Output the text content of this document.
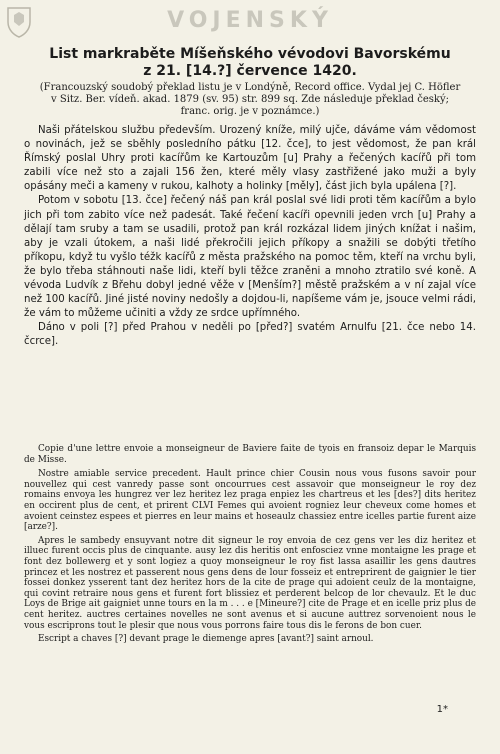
VOJENSKÝ
List markraběte Míšeňského vévodovi Bavorskému
z 21. [14.?] července 1420.
(Francouzský soudobý překlad listu je v Londýně, Record office. Vydal jej C. Höfler
v Sitz. Ber. vídeň. akad. 1879 (sv. 95) str. 899 sq. Zde následuje překlad český;
franc. orig. je v poznámce.)

Naši přátelskou službu především. Urozený kníže, milý ujče, dáváme vám vědomost o novinách, jež se sběhly posledního pátku [12. čce], to jest vědomost, že pan král Římský poslal Uhry proti kacířům ke Kartouzům [u] Prahy a řečených kacířů při tom zabili více než sto a zajali 156 žen, které měly vlasy zastřižené jako muži a byly opásány meči a kameny v rukou, kalhoty a holinky [měly], část jich byla upálena [?].

Potom v sobotu [13. čce] řečený náš pan král poslal své lidi proti těm kacířům a bylo jich při tom zabito více než padesát. Také řečení kacíři opevnili jeden vrch [u] Prahy a dělají tam sruby a tam se usadili, protož pan král rozkázal lidem jiných knížat i našim, aby je vzali útokem, a naši lidé překročili jejich příkopy a snažili se dobýti třetího příkopu, když tu vyšlo téžk kacířů z města pražského na pomoc těm, kteří na vrchu byli, že bylo třeba stáhnouti naše lidi, kteří byli těžce zraněni a mnoho ztratilo své koně. A vévoda Ludvík z Břehu dobyl jedné věže v [Menším?] městě pražském a v ní zajal více než 100 kacířů. Jiné jisté noviny nedošly a dojdou-li, napíšeme vám je, jsouce velmi rádi, že vám to můžeme učiniti a vždy ze srdce upřímného.

Dáno v poli [?] před Prahou v neděli po [před?] svatém Arnulfu [21. čce nebo 14. čcrce].

Copie d'une lettre envoie a monseigneur de Baviere faite de tyois en fransoiz depar le Marquis de Misse.

Nostre amiable service precedent. Hault prince chier Cousin nous vous fusons savoir pour nouvellez qui cest vanredy passe sont oncourrues cest assavoir que monseigneur le roy dez romains envoya les hungrez ver lez heritez lez praga enpiez les chartreus et les [des?] dits heritez en occirent plus de cent, et prirent CLVI Femes qui avoient rogniez leur cheveux come homes et avoient ceinstez espees et pierres en leur mains et hoseaulz chassiez entre icelles partie furent aize [arze?].

Apres le sambedy ensuyvant notre dit signeur le roy envoia de cez gens ver les diz heritez et illuec furent occis plus de cinquante. ausy lez dis heritis ont enfosciez vnne montaigne les prage et font dez bollewerg et y sont logiez a quoy monseigneur le roy fist lassa asaillir les gens dautres princez et les nostrez et passerent nous gens dens de lour fosseiz et entreprirent de gaignier le tier fossei donkez ysserent tant dez heritez hors de la cite de prage qui adoient ceulz de la montaigne, qui covint retraire nous gens et furent fort blissiez et perderent belcop de lor chevaulz. Et le duc Loys de Brige ait gaigniet unne tours en la m . . . e [Mineure?] cite de Prage et en icelle priz plus de cent heritez. auctres certaines novelles ne sont avenus et si aucune auttrez sorvenoient nous le vous escriprons tout le plesir que nous vous porrons faire tous dis le ferons de bon cuer.

Escript a chaves [?] devant prage le diemenge apres [avant?] saint arnoul.

1*
